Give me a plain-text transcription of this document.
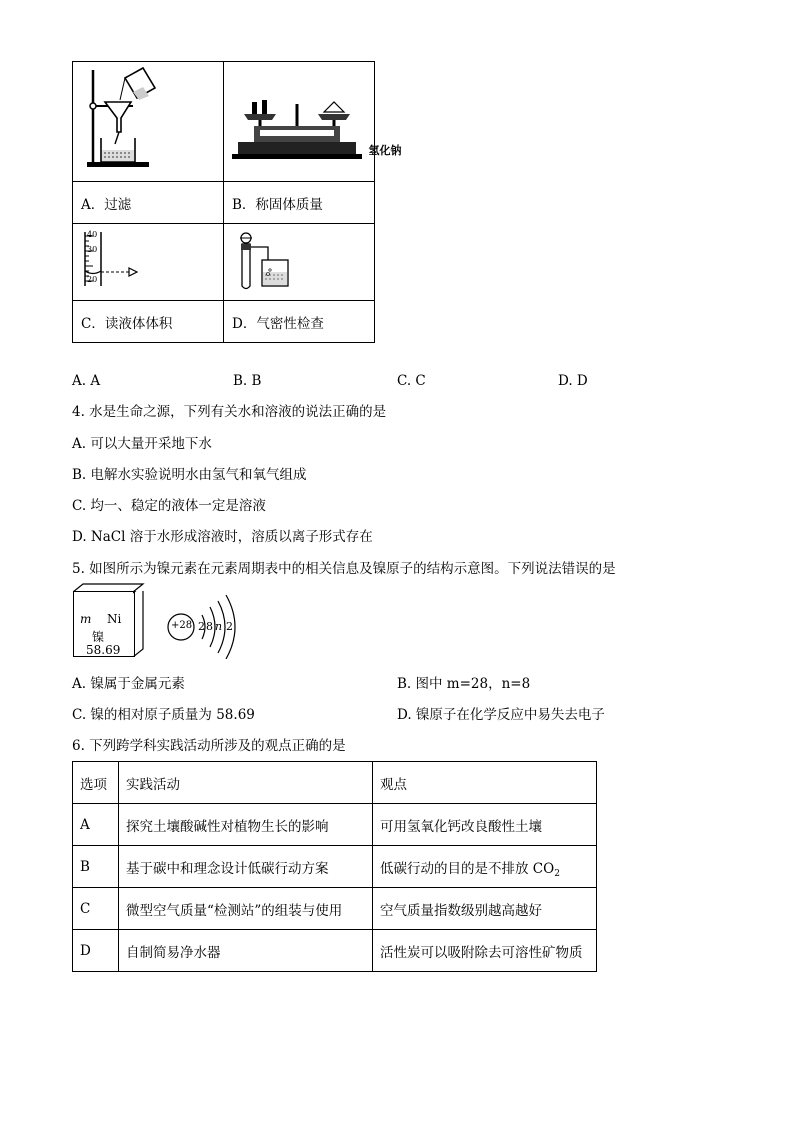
氢化钠

A．过滤	B．称固体质量

40
30
20

C．读液体体积	D．气密性检查
A. A	B. B	C. C	D. D
4. 水是生命之源，下列有关水和溶液的说法正确的是
A. 可以大量开采地下水
B. 电解水实验说明水由氢气和氧气组成
C. 均一、稳定的液体一定是溶液
D. NaCl 溶于水形成溶液时，溶质以离子形式存在
5. 如图所示为镍元素在元素周期表中的相关信息及镍原子的结构示意图。下列说法错误的是
m Ni
镍
58.69
+28 2 8 n 2
A. 镍属于金属元素	B. 图中 m=28，n=8
C. 镍的相对原子质量为 58.69	D. 镍原子在化学反应中易失去电子
6. 下列跨学科实践活动所涉及的观点正确的是
选项	实践活动	观点
A	探究土壤酸碱性对植物生长的影响	可用氢氧化钙改良酸性土壤
B	基于碳中和理念设计低碳行动方案	低碳行动的目的是不排放 $CO_2$
C	微型空气质量“检测站”的组装与使用	空气质量指数级别越高越好
D	自制简易净水器	活性炭可以吸附除去可溶性矿物质
